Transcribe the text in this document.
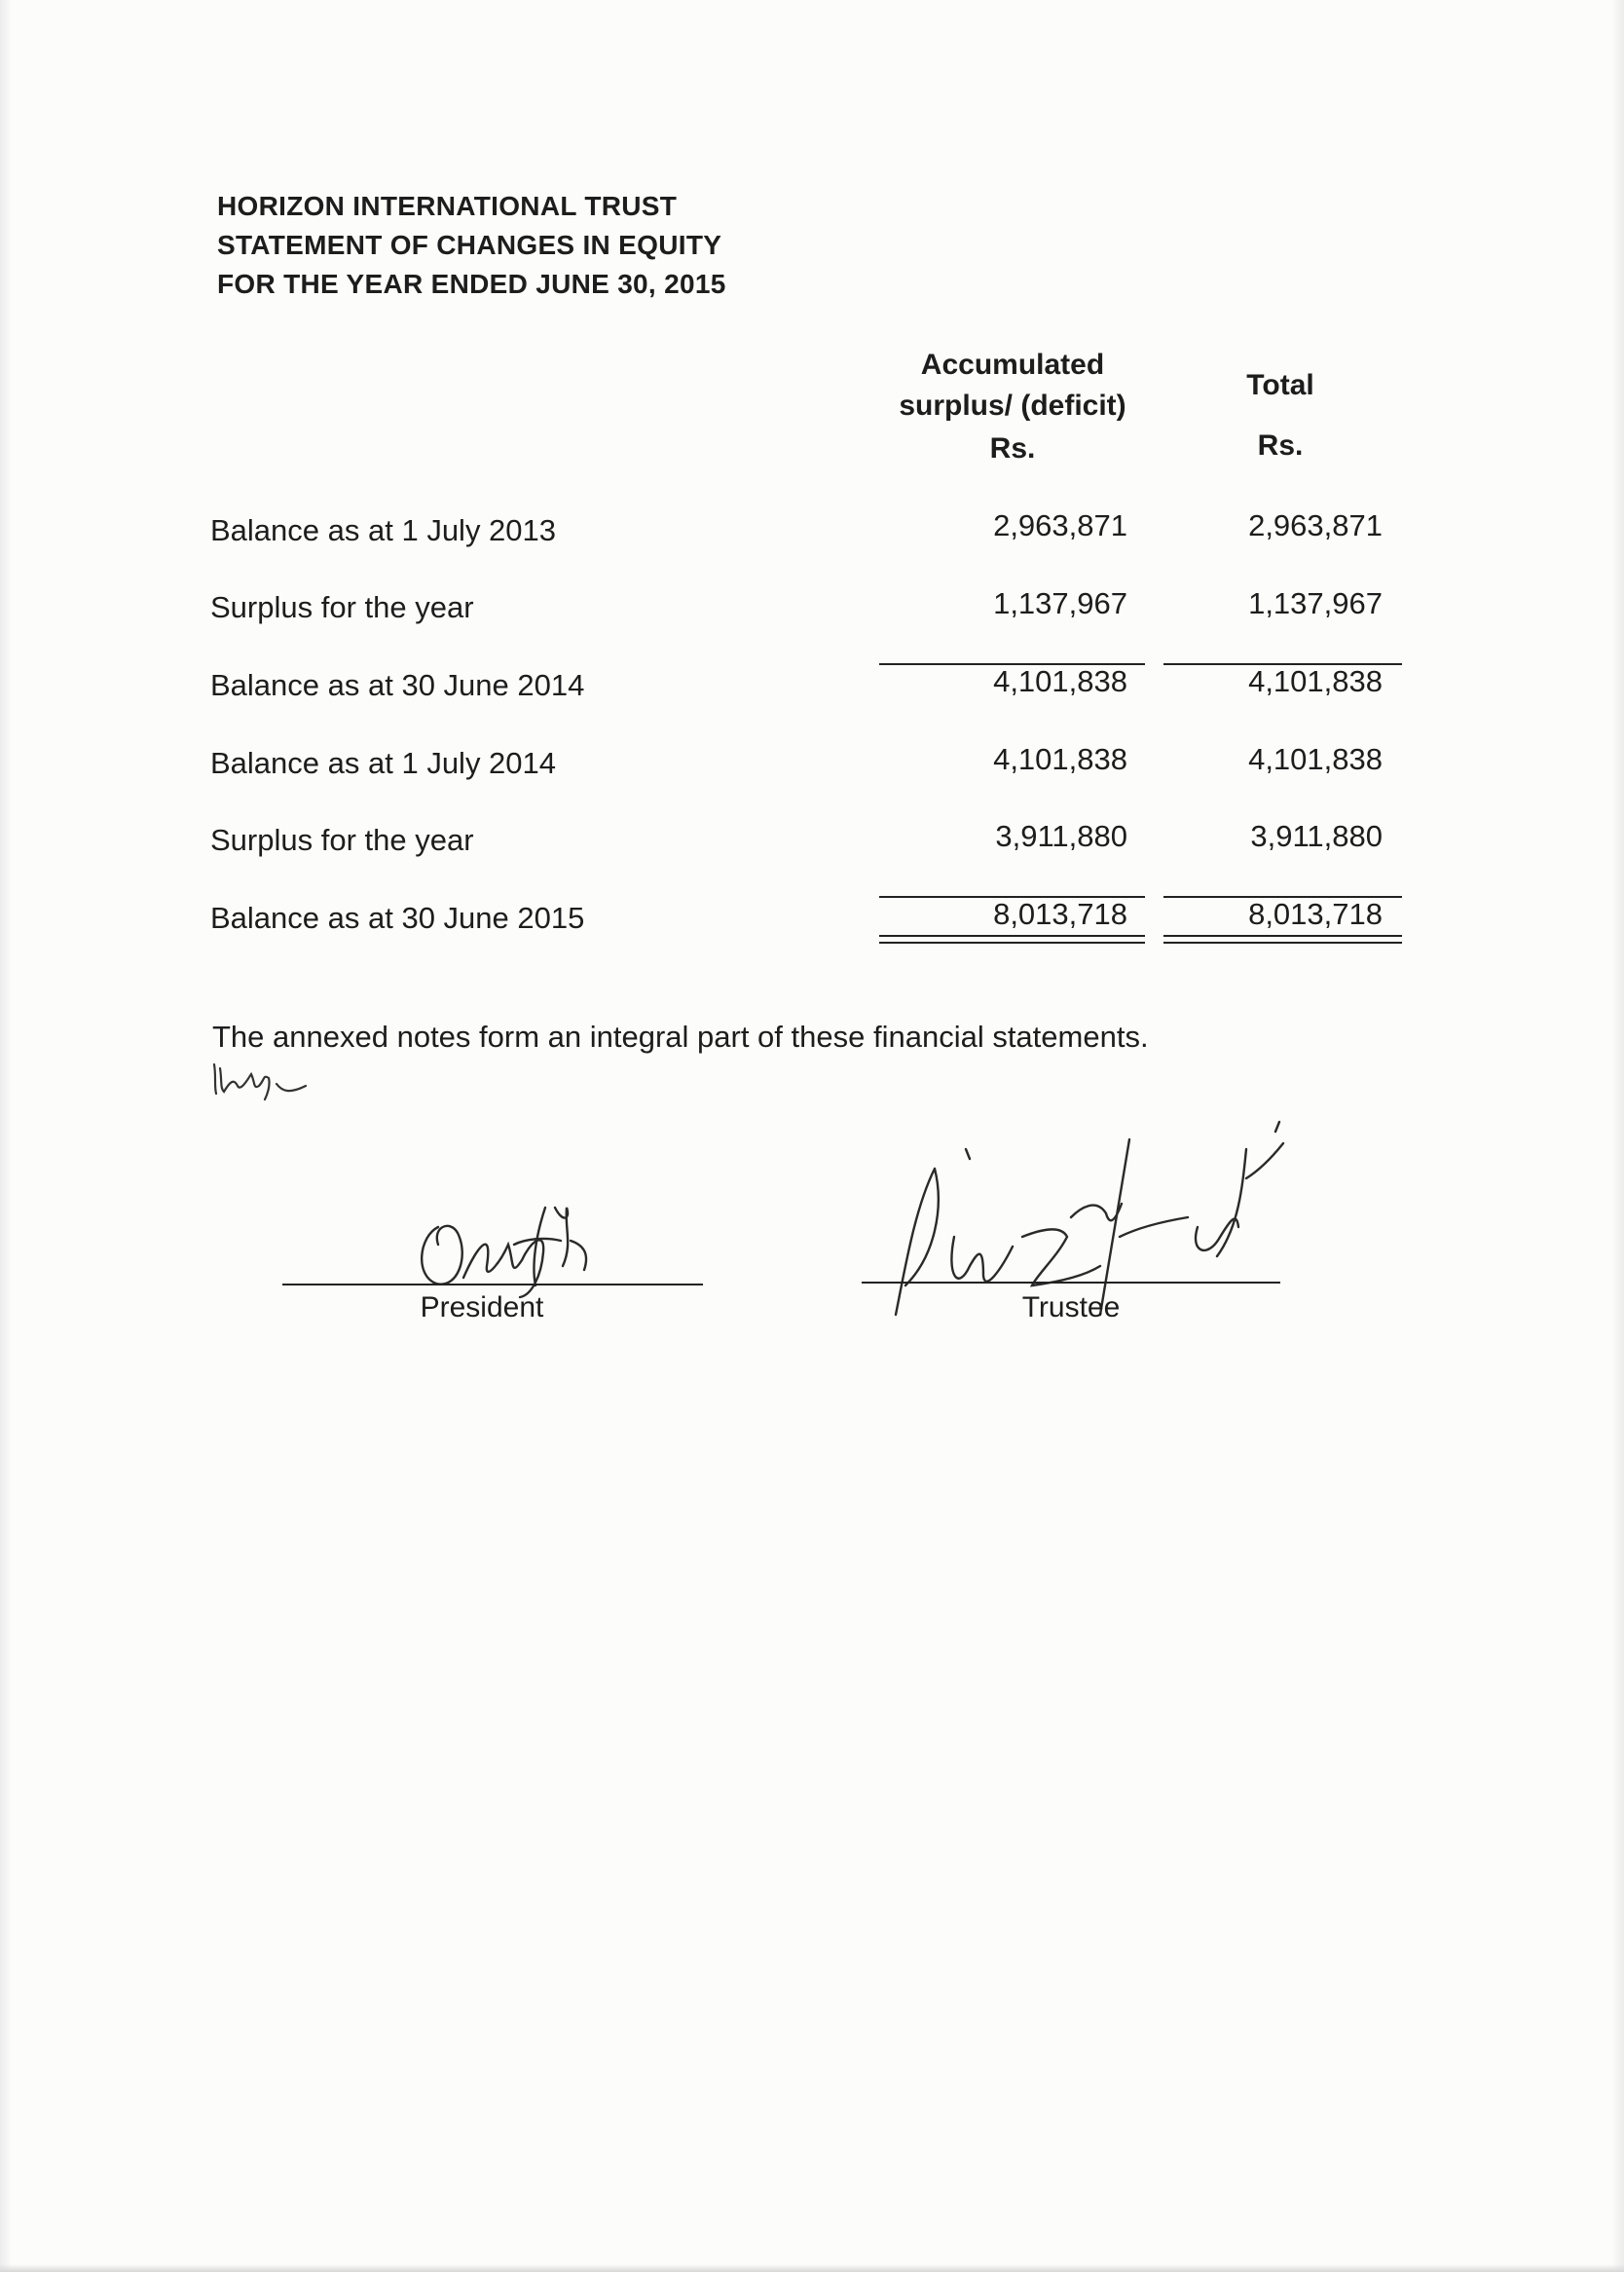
HORIZON INTERNATIONAL TRUST
STATEMENT OF CHANGES IN EQUITY
FOR THE YEAR ENDED JUNE 30, 2015
Accumulated
surplus/ (deficit)
Rs.
Total
Rs.
Balance as at 1 July 2013	2,963,871	2,963,871
Surplus for the year	1,137,967	1,137,967
Balance as at 30 June 2014	4,101,838	4,101,838
Balance as at 1 July 2014	4,101,838	4,101,838
Surplus for the year	3,911,880	3,911,880
Balance as at 30 June 2015	8,013,718	8,013,718
The annexed notes form an integral part of these financial statements.
President	Trustee
